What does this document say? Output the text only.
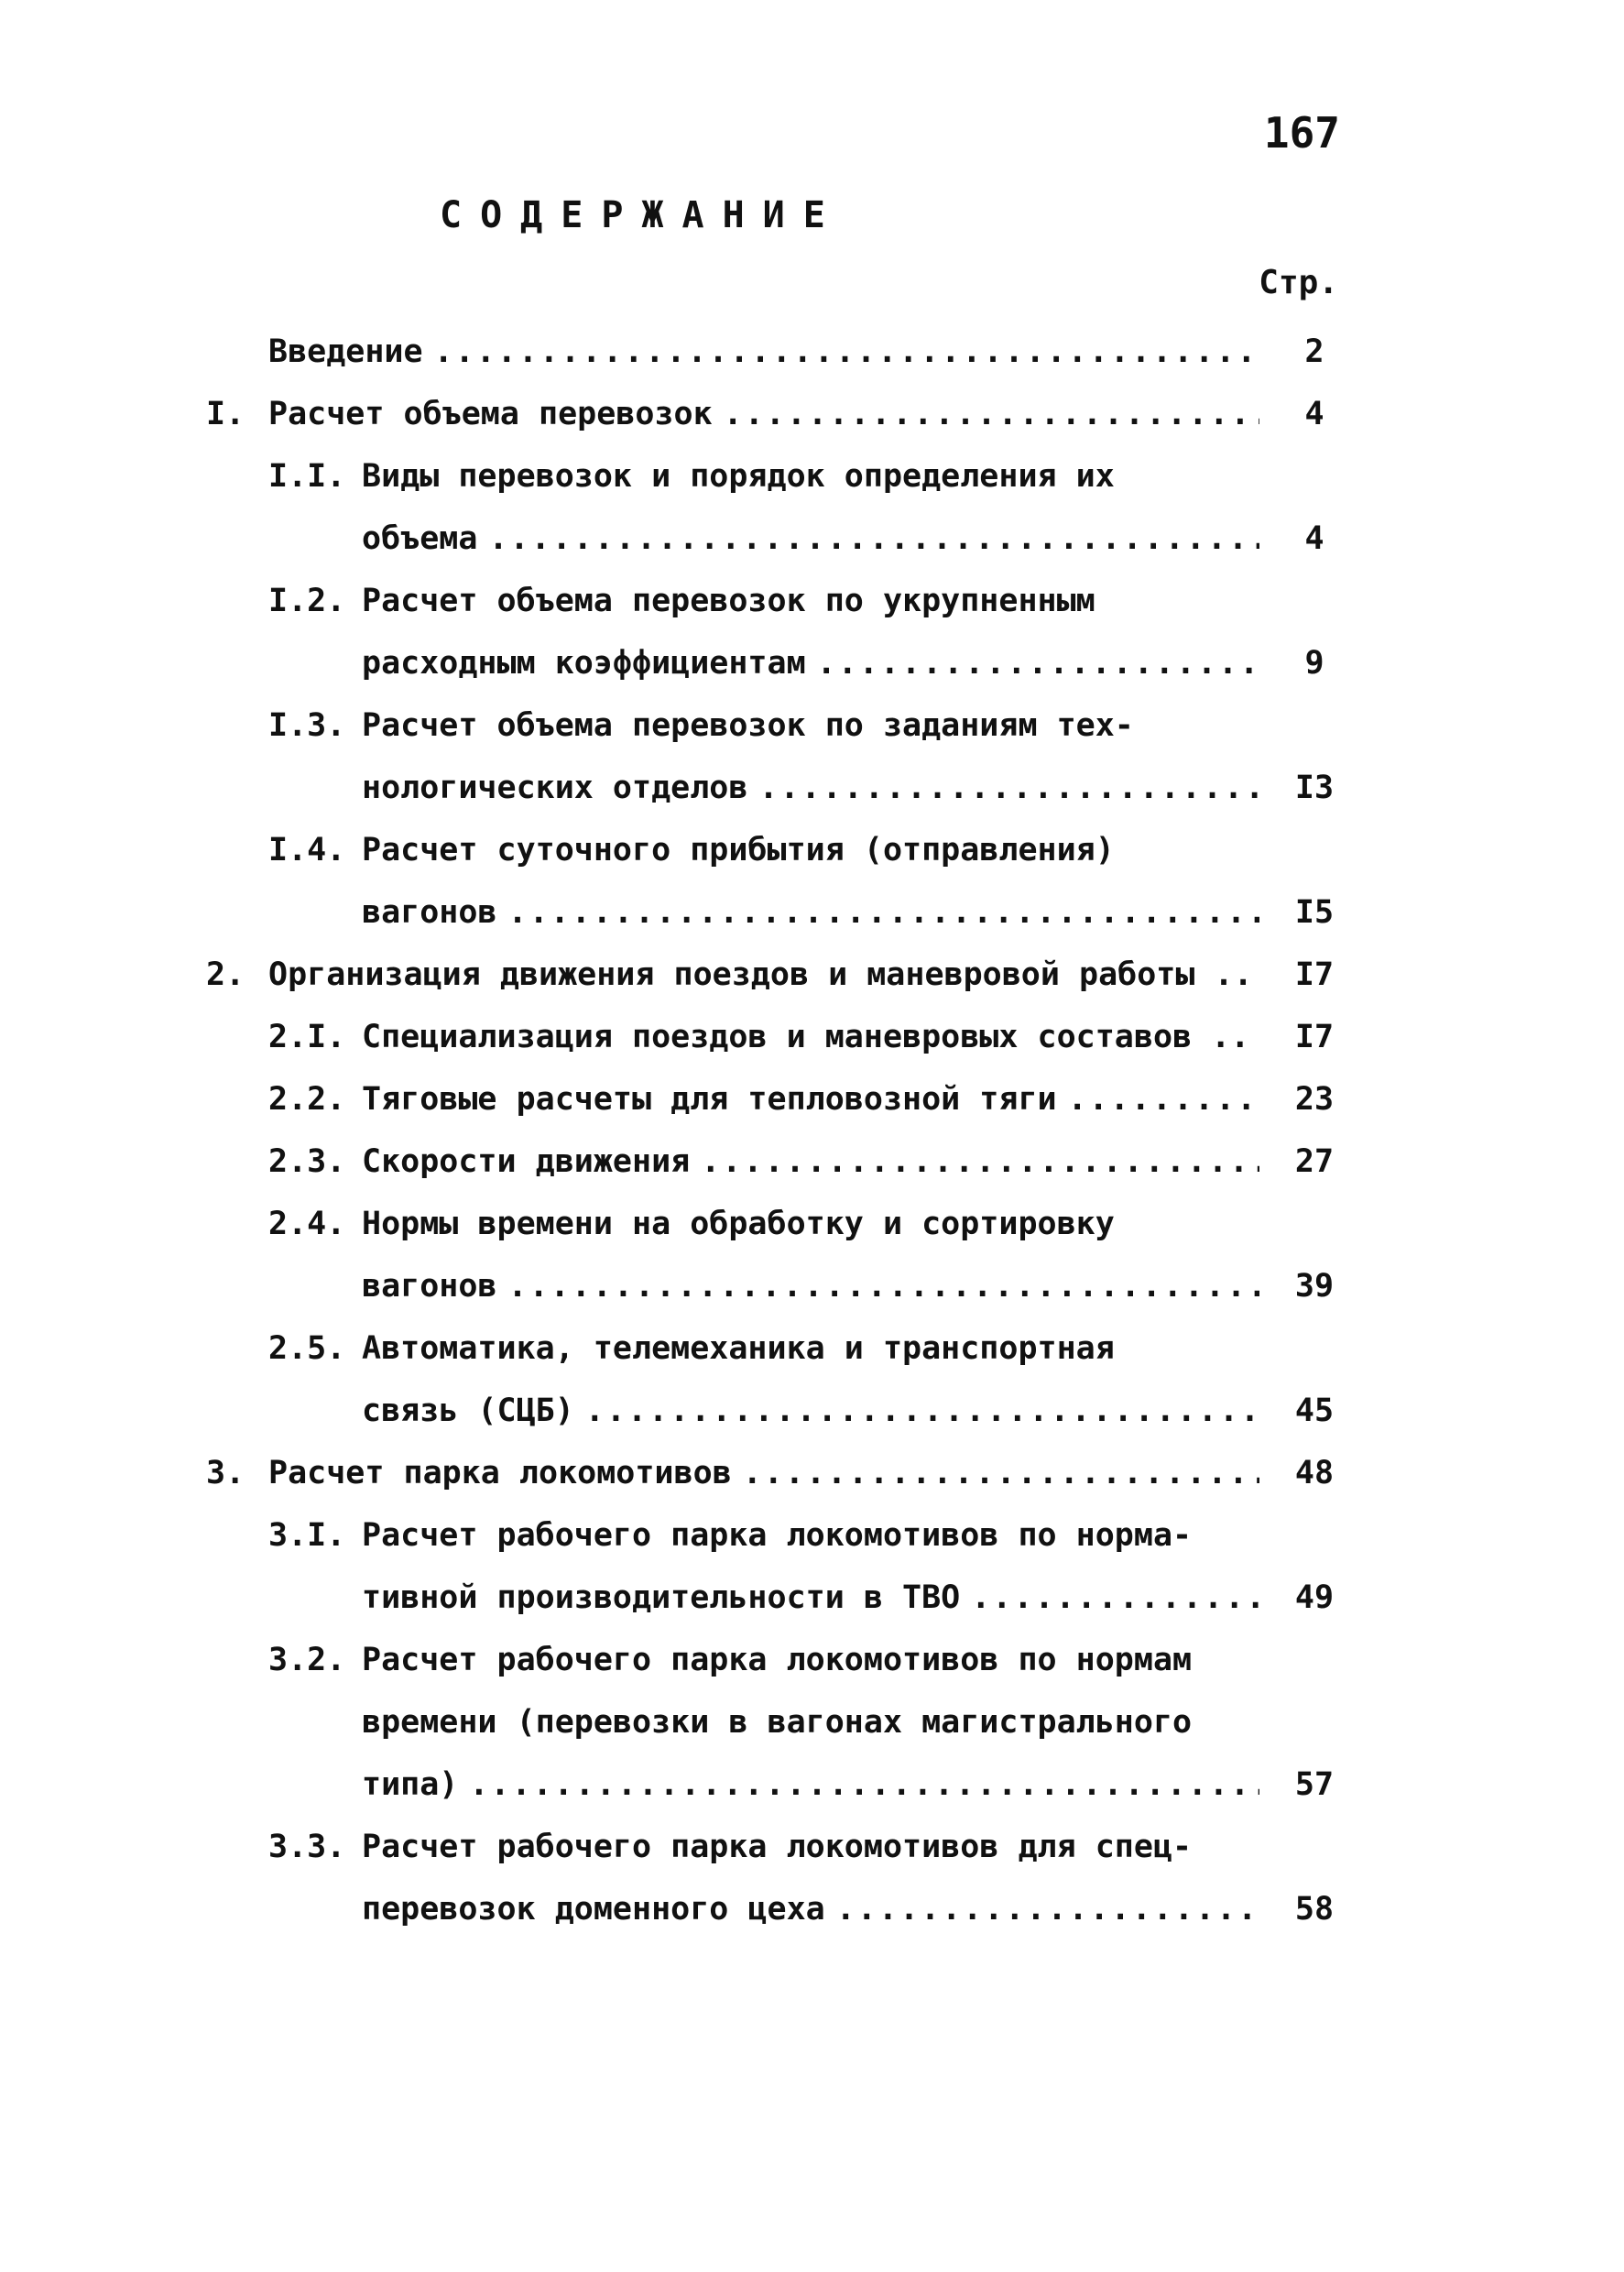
167
СОДЕРЖАНИЕ
Стр.
Введение .....	2
I. Расчет объема перевозок .....	4
I.I. Виды перевозок и порядок определения их
объема .....	4
I.2. Расчет объема перевозок по укрупненным
расходным коэффициентам .....	9
I.3. Расчет объема перевозок по заданиям тех-
нологических отделов .....	I3
I.4. Расчет суточного прибытия (отправления)
вагонов .....	I5
2. Организация движения поездов и маневровой работы .. I7
2.I. Специализация поездов и маневровых составов .. I7
2.2. Тяговые расчеты для тепловозной тяги .....	23
2.3. Скорости движения .....	27
2.4. Нормы времени на обработку и сортировку
вагонов .....	39
2.5. Автоматика, телемеханика и транспортная
связь (СЦБ) .....	45
3. Расчет парка локомотивов .....	48
3.I. Расчет рабочего парка локомотивов по норма-
тивной производительности в ТВО .....	49
3.2. Расчет рабочего парка локомотивов по нормам
времени (перевозки в вагонах магистрального
типа) .....	57
3.3. Расчет рабочего парка локомотивов для спец-
перевозок доменного цеха .....	58
